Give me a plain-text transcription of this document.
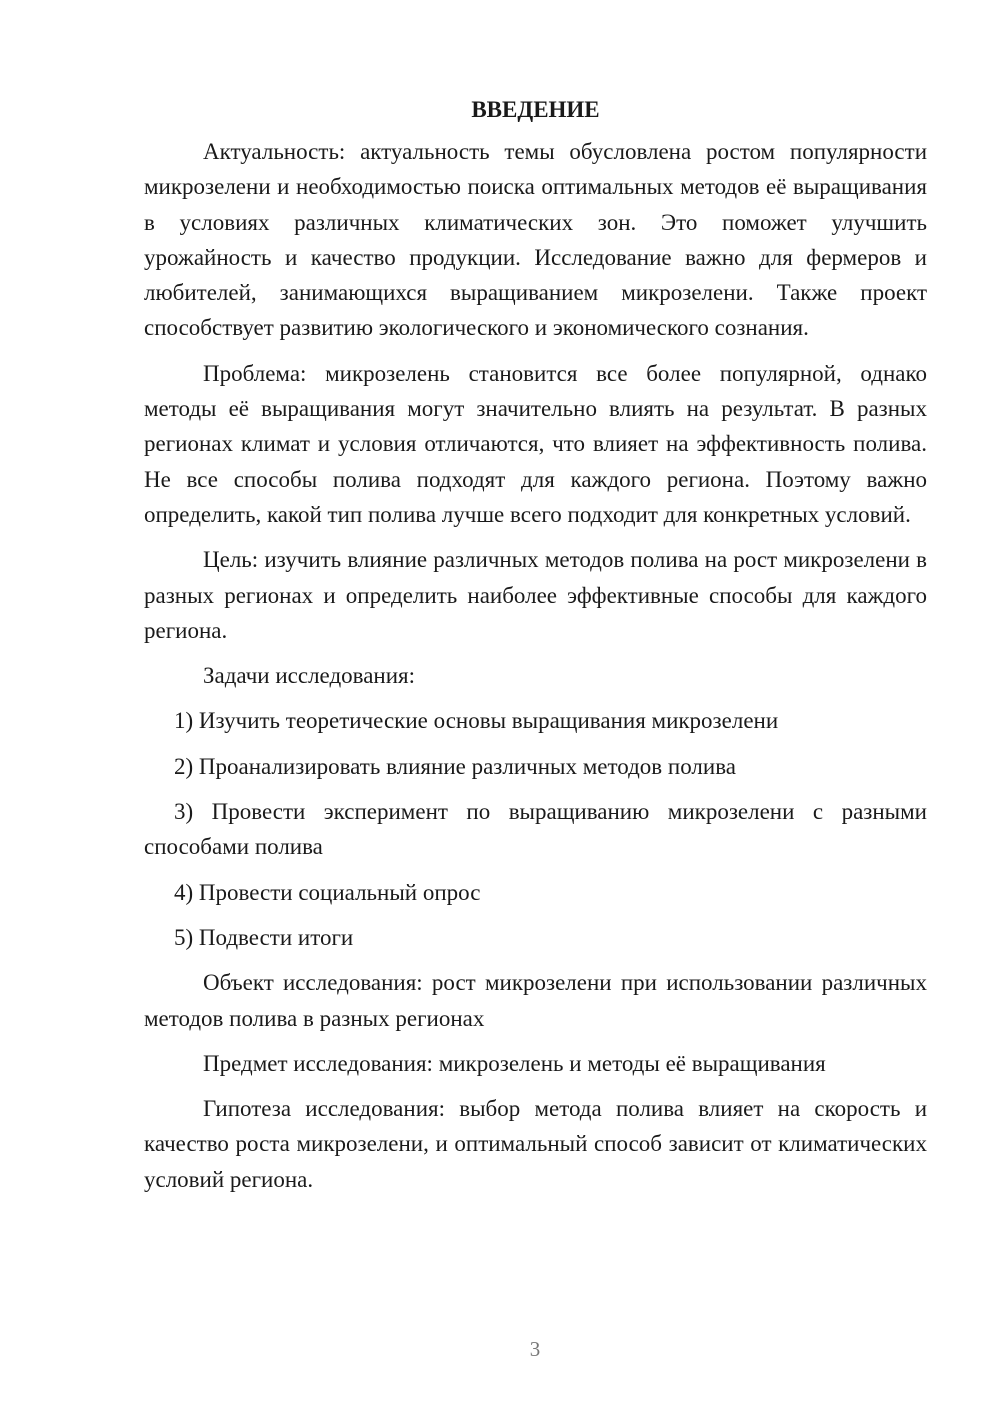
ВВЕДЕНИЕ
Актуальность: актуальность темы обусловлена ростом популярности микрозелени и необходимостью поиска оптимальных методов её выращивания в условиях различных климатических зон. Это поможет улучшить урожайность и качество продукции. Исследование важно для фермеров и любителей, занимающихся выращиванием микрозелени. Также проект способствует развитию экологического и экономического сознания.
Проблема: микрозелень становится все более популярной, однако методы её выращивания могут значительно влиять на результат. В разных регионах климат и условия отличаются, что влияет на эффективность полива. Не все способы полива подходят для каждого региона. Поэтому важно определить, какой тип полива лучше всего подходит для конкретных условий.
Цель: изучить влияние различных методов полива на рост микрозелени в разных регионах и определить наиболее эффективные способы для каждого региона.
Задачи исследования:
1) Изучить теоретические основы выращивания микрозелени
2) Проанализировать влияние различных методов полива
3) Провести эксперимент по выращиванию микрозелени с разными способами полива
4) Провести социальный опрос
5) Подвести итоги
Объект исследования: рост микрозелени при использовании различных методов полива в разных регионах
Предмет исследования: микрозелень и методы её выращивания
Гипотеза исследования: выбор метода полива влияет на скорость и качество роста микрозелени, и оптимальный способ зависит от климатических условий региона.
3
